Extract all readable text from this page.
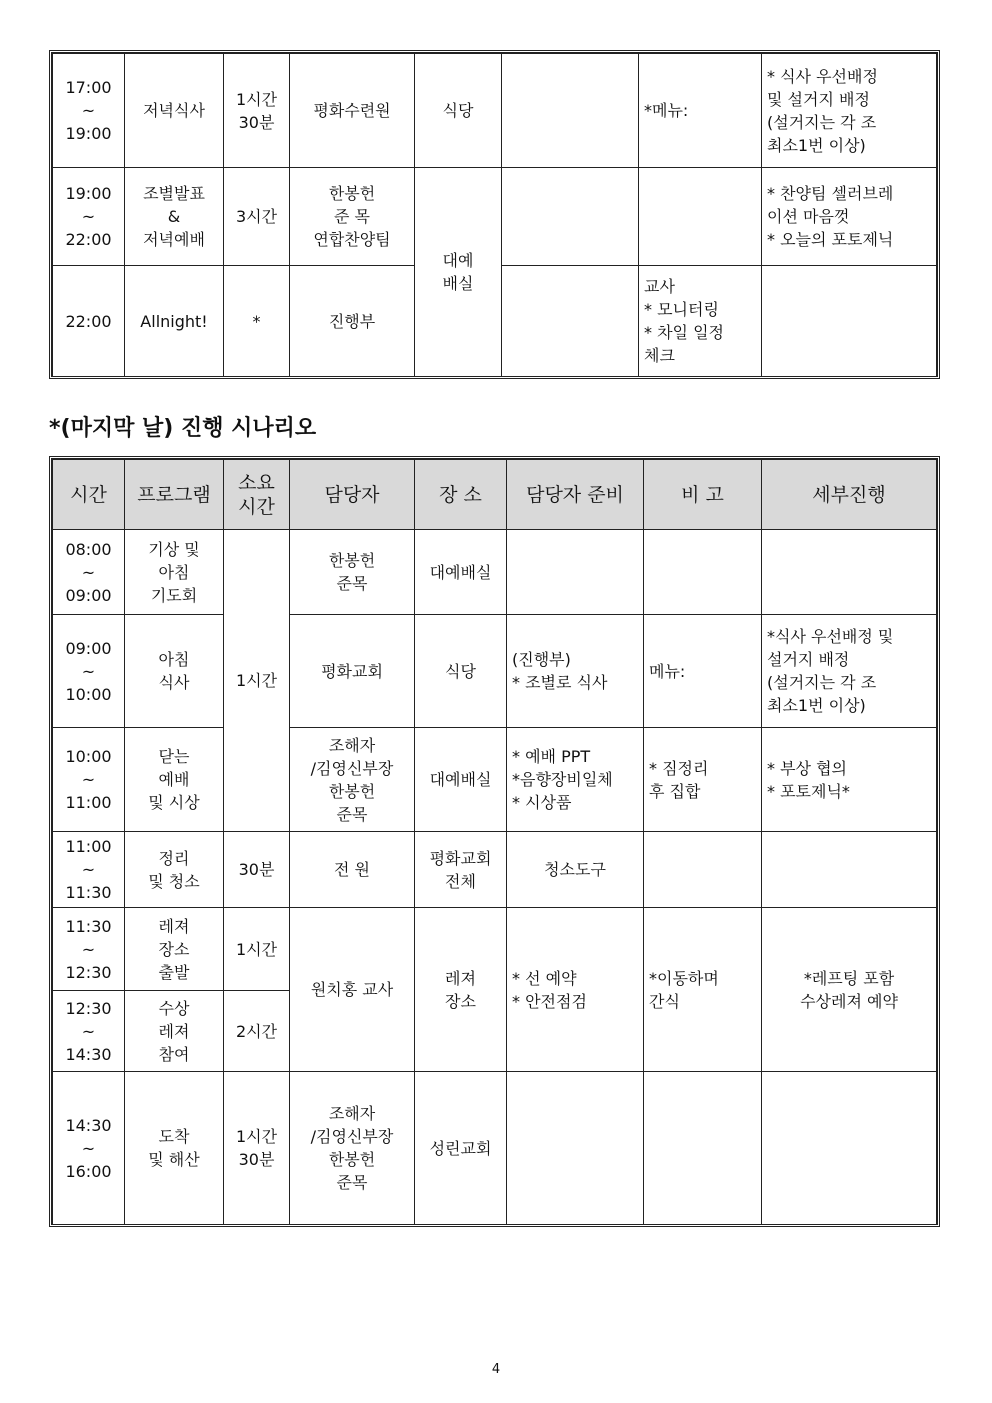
17:00
~
19:00	저녁식사	1시간
30분	평화수련원	식당		*메뉴:	* 식사 우선배정
및 설거지 배정
(설거지는 각 조
최소1번 이상)
19:00
~
22:00	조별발표
&
저녁예배	3시간	한봉헌
준 목
연합찬양팀	대예
배실			* 찬양팀 셀러브레
이션 마음껏
* 오늘의 포토제닉
22:00	Allnight!	*	진행부			교사
* 모니터링
* 차일 일정
체크	
*(마지막 날) 진행 시나리오
시간	프로그램	소요
시간	담당자	장 소	담당자 준비	비 고	세부진행
08:00
~
09:00	기상 및
아침
기도회	1시간	한봉헌
준목	대예배실			
09:00
~
10:00	아침
식사		평화교회	식당	(진행부)
* 조별로 식사	메뉴:	*식사 우선배정 및
설거지 배정
(설거지는 각 조
최소1번 이상)
10:00
~
11:00	닫는
예배
및 시상		조해자
/김영신부장
한봉헌
준목	대예배실	* 예배 PPT
*음향장비일체
* 시상품	* 짐정리
후 집합	* 부상 협의
* 포토제닉*
11:00
~
11:30	정리
및 청소	30분	전 원	평화교회
전체	청소도구		
11:30
~
12:30	레져
장소
출발	1시간	원치홍 교사	레져
장소	* 선 예약
* 안전점검	*이동하며
간식	*레프팅 포함
수상레져 예약
12:30
~
14:30	수상
레져
참여	2시간					
14:30
~
16:00	도착
및 해산	1시간
30분	조해자
/김영신부장
한봉헌
준목	성린교회			
4
